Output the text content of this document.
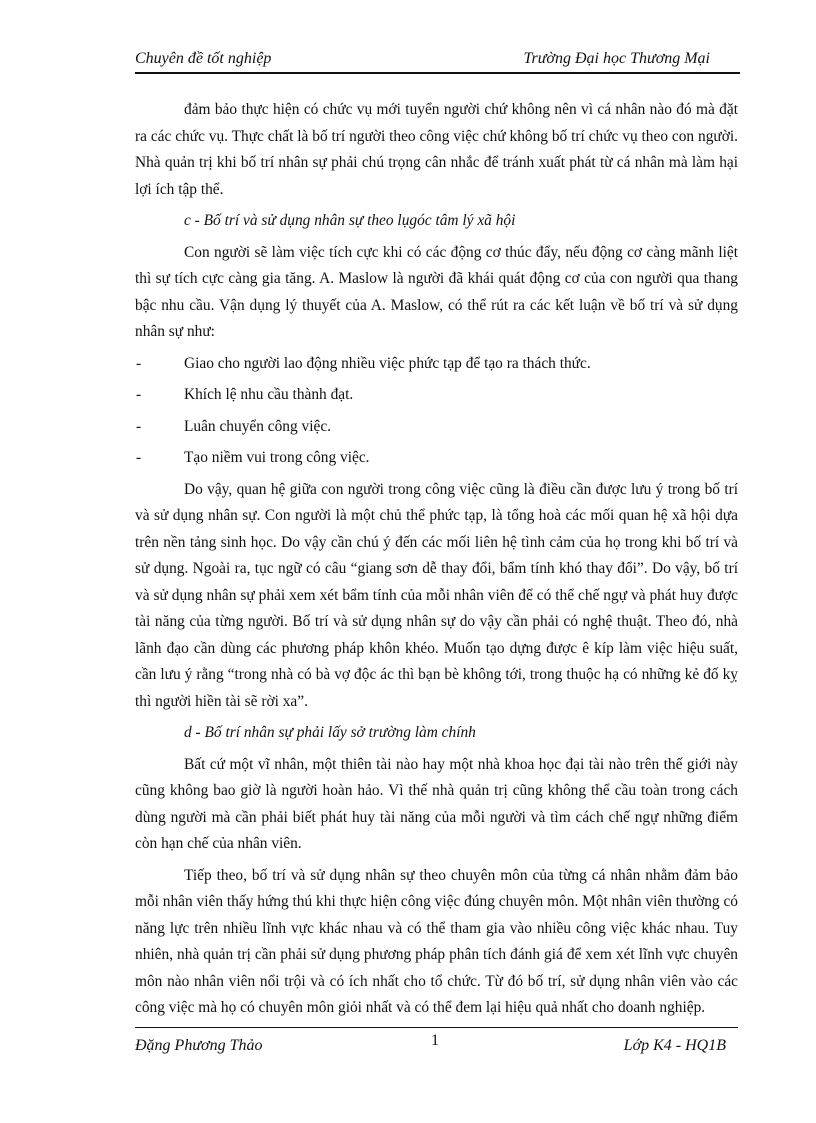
Chuyên đề tốt nghiệp	Trường Đại học Thương Mại

đảm bảo thực hiện có chức vụ mới tuyển người chứ không nên vì cá nhân nào đó mà đặt ra các chức vụ. Thực chất là bố trí người theo công việc chứ không bố trí chức vụ theo con người. Nhà quản trị khi bố trí nhân sự phải chú trọng cân nhắc để tránh xuất phát từ cá nhân mà làm hại lợi ích tập thể.

c - Bố trí và sử dụng nhân sự theo lụgóc tâm lý xã hội

Con người sẽ làm việc tích cực khi có các động cơ thúc đẩy, nếu động cơ càng mãnh liệt thì sự tích cực càng gia tăng. A. Maslow là người đã khái quát động cơ của con người qua thang bậc nhu cầu. Vận dụng lý thuyết của A. Maslow, có thể rút ra các kết luận về bố trí và sử dụng nhân sự như:

-	Giao cho người lao động nhiều việc phức tạp để tạo ra thách thức.
-	Khích lệ nhu cầu thành đạt.
-	Luân chuyển công việc.
-	Tạo niềm vui trong công việc.

Do vậy, quan hệ giữa con người trong công việc cũng là điều cần được lưu ý trong bố trí và sử dụng nhân sự. Con người là một chủ thể phức tạp, là tổng hoà các mối quan hệ xã hội dựa trên nền tảng sinh học. Do vậy cần chú ý đến các mối liên hệ tình cảm của họ trong khi bố trí và sử dụng. Ngoài ra, tục ngữ có câu “giang sơn dễ thay đổi, bẩm tính khó thay đổi”. Do vậy, bố trí và sử dụng nhân sự phải xem xét bẩm tính của mỗi nhân viên để có thể chế ngự và phát huy được tài năng của từng người. Bố trí và sử dụng nhân sự do vậy cần phải có nghệ thuật. Theo đó, nhà lãnh đạo cần dùng các phương pháp khôn khéo. Muốn tạo dựng được ê kíp làm việc hiệu suất, cần lưu ý rằng “trong nhà có bà vợ độc ác thì bạn bè không tới, trong thuộc hạ có những kẻ đố kỵ thì người hiền tài sẽ rời xa”.

d - Bố trí nhân sự phải lấy sở trường làm chính

Bất cứ một vĩ nhân, một thiên tài nào hay một nhà khoa học đại tài nào trên thế giới này cũng không bao giờ là người hoàn hảo. Vì thế nhà quản trị cũng không thể cầu toàn trong cách dùng người mà cần phải biết phát huy tài năng của mỗi người và tìm cách chế ngự những điểm còn hạn chế của nhân viên.

Tiếp theo, bố trí và sử dụng nhân sự theo chuyên môn của từng cá nhân nhằm đảm bảo mỗi nhân viên thấy hứng thú khi thực hiện công việc đúng chuyên môn. Một nhân viên thường có năng lực trên nhiều lĩnh vực khác nhau và có thể tham gia vào nhiều công việc khác nhau. Tuy nhiên, nhà quản trị cần phải sử dụng phương pháp phân tích đánh giá để xem xét lĩnh vực chuyên môn nào nhân viên nổi trội và có ích nhất cho tổ chức. Từ đó bố trí, sử dụng nhân viên vào các công việc mà họ có chuyên môn giỏi nhất và có thể đem lại hiệu quả nhất cho doanh nghiệp.

Đặng Phương Thảo	1	Lớp K4 - HQ1B
